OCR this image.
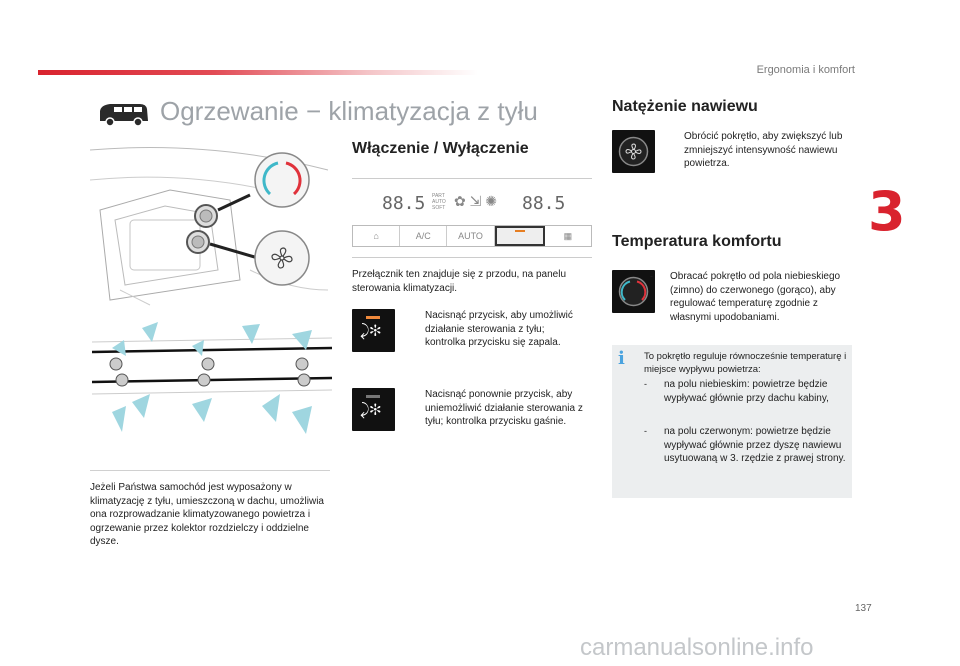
Ergonomia i komfort
3
Ogrzewanie − klimatyzacja z tyłu
Jeżeli Państwa samochód jest wyposażony w klimatyzację z tyłu, umieszczoną w dachu, umożliwia ona rozprowadzanie klimatyzowanego powietrza i ogrzewanie przez kolektor rozdzielczy i oddzielne dysze.
Włączenie / Wyłączenie
88.5 PART
AUTO
SOFT	88.5
✿ ⇲ ✺
⌂	A/C	AUTO	▦
Przełącznik ten znajduje się z przodu, na panelu sterowania klimatyzacji.
⤸✻
Nacisnąć przycisk, aby umożliwić działanie sterowania z tyłu; kontrolka przycisku się zapala.
⤸✻
Nacisnąć ponownie przycisk, aby uniemożliwić działanie sterowania z tyłu; kontrolka przycisku gaśnie.
Natężenie nawiewu
Obrócić pokrętło, aby zwiększyć lub zmniejszyć intensywność nawiewu powietrza.
Temperatura komfortu
-	Obracać pokrętło od pola niebieskiego (zimno) do czerwonego (gorąco), aby regulować temperaturę zgodnie z własnymi upodobaniami.
i To pokrętło reguluje równocześnie temperaturę i miejsce wypływu powietrza:
-	na polu niebieskim: powietrze będzie wypływać głównie przy dachu kabiny,
-	na polu czerwonym: powietrze będzie wypływać głównie przez dyszę nawiewu usytuowaną w 3. rzędzie z prawej strony.
137
carmanualsonline.info
